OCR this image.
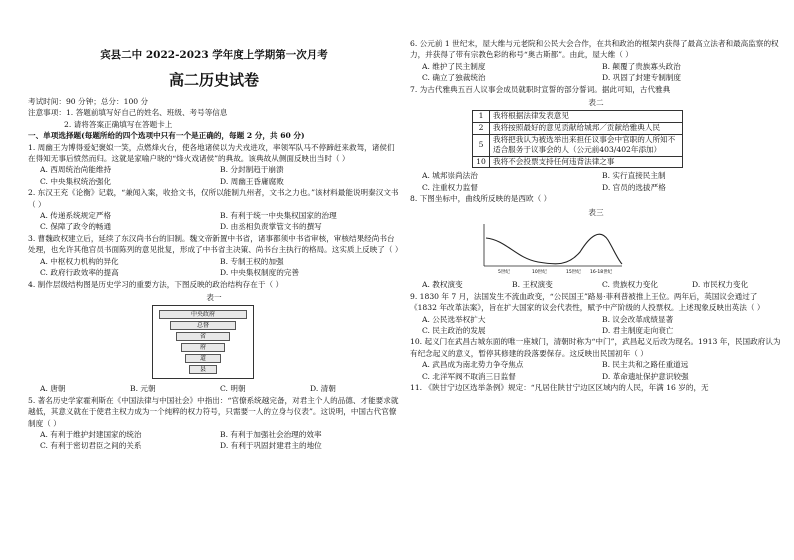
宾县二中 2022-2023 学年度上学期第一次月考
高二历史试卷
考试时间：90 分钟；总分：100 分
注意事项：1. 答题前填写好自己的姓名、班级、考号等信息
2. 请将答案正确填写在答题卡上
一、单项选择题(每题所给的四个选项中只有一个是正确的，每题 2 分，共 60 分)
1. 周幽王为博得爱妃褒姒一笑，点燃烽火台，使各地诸侯以为犬戎进攻，率领军队马不停蹄赶来救驾，诸侯们在得知无事后愤然而归。这就是家喻户晓的“烽火戏诸侯”的典故。该典故从侧面反映出当时（ ）
A. 西周统治尚能维持	B. 分封制趋于崩溃
C. 中央集权统治强化	D. 周幽王昏庸腐败
2. 东汉王充《论衡》记载，“兼闻入案，收拾文书，仅所以能制九州者，文书之力也。”该材料最能说明秦汉文书（ ）
A. 传递系统规定严格	B. 有利于统一中央集权国家的治理
C. 保障了政令的畅通	D. 由丞相负责掌管文书的撰写
3. 曹魏政权建立后，延续了东汉尚书台的旧制。魏文帝新置中书省，诸事都须中书省审核，审核结果经尚书台处理，也允许其他官员书面陈列的意见批复，形成了中书省主决策、尚书台主执行的格局。这实质上反映了（ ）
A. 中枢权力机构的异化	B. 专制王权的加强
C. 政府行政效率的提高	D. 中央集权制度的完善
4. 制作层级结构图是历史学习的重要方法，下图反映的政治结构存在于（ ）
表一
中央政府
总督
省
府
道
县
A. 唐朝	B. 元朝	C. 明朝	D. 清朝
5. 著名历史学家霍利斯在《中国法律与中国社会》中指出：“官僚系统越完备，对君主个人的品德、才能要求就越低，其意义就在于使君主权力成为一个纯粹的权力符号，只需要一人的立身与仪表”。这说明，中国古代官僚制度（ ）
A. 有利于维护封建国家的统治	B. 有利于加强社会治理的效率
C. 有利于密切君臣之间的关系	D. 有利于巩固封建君主的地位
6. 公元前 1 世纪末，屋大维与元老院和公民大会合作，在共和政治的框架内获得了最高立法者和最高监察的权力，并获得了带有宗教色彩的称号“奥古斯都”。由此，屋大维（ ）
A. 维护了民主制度	B. 颠覆了贵族寡头政治
C. 确立了独裁统治	D. 巩固了封建专制制度
7. 为古代雅典五百人议事会成员就职时宣誓的部分誓词。据此可知，古代雅典
表二
1	我将根据法律发表意见
2	我将按照最好的意见贡献给城邦／贡献给雅典人民
5	我将把我认为被选举出来担任议事会中官职的人所知不适合服务于议事会的人（公元前403/402年添加）
10	我将不会投票支持任何违背法律之事
A. 城邦崇尚法治	B. 实行直接民主制
C. 注重权力监督	D. 官员的选拔严格
8. 下图坐标中，曲线所反映的是西欧（ ）
表三
5世纪	10世纪	15世纪 16-18世纪
A. 教权演变	B. 王权演变	C. 贵族权力变化	D. 市民权力变化
9. 1830 年 7 月，法国发生不流血政变，“公民国王”路易·菲利普被推上王位。两年后，英国议会通过了《1832 年改革法案》，旨在扩大国家的议会代表性，赋予中产阶级的人投票权。上述现象反映出英法（ ）
A. 公民选举权扩大	B. 议会改革成绩显著
C. 民主政治的发展	D. 君主制度走向衰亡
10. 起义门在武昌古城东面的唯一座城门，清朝时称为“中门”，武昌起义后改为现名。1913 年，民国政府认为有纪念起义的意义，暂停其修建的段落要保存。这反映出民国初年（ ）
A. 武昌成为南北势力争夺焦点	B. 民主共和之路任重道远
C. 北洋军阀不取消三日监督	D. 革命遗址保护意识较强
11. 《陕甘宁边区选举条例》规定：“凡居住陕甘宁边区区域内的人民，年满 16 岁的，无
